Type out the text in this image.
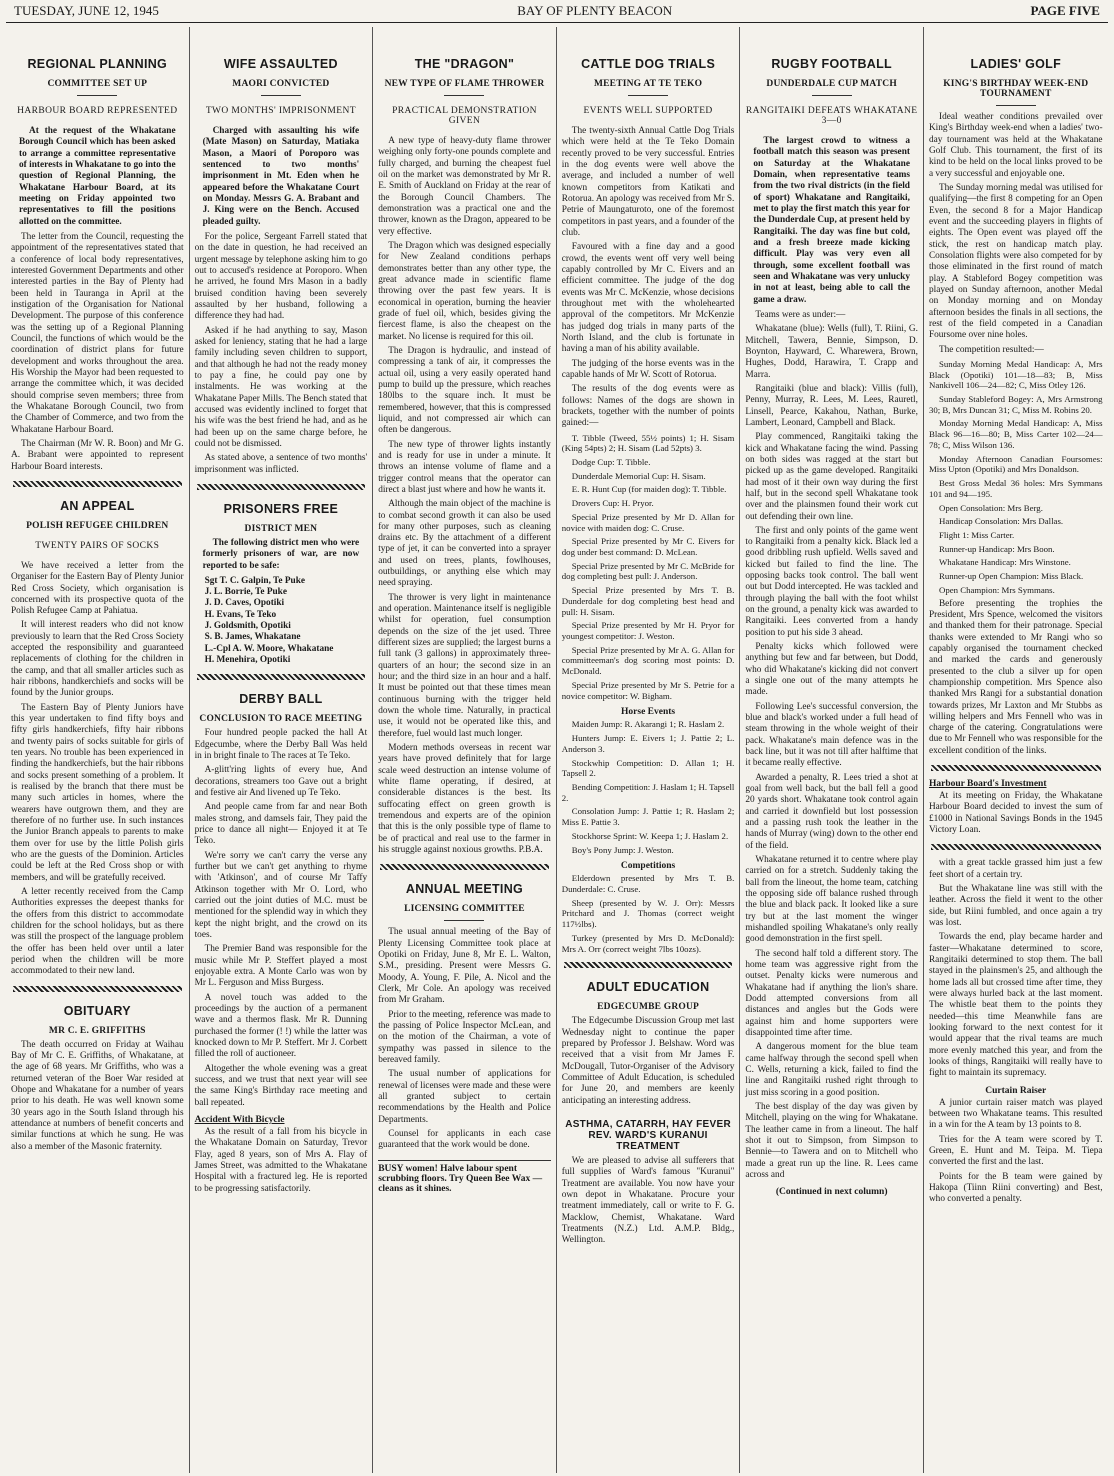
TUESDAY, JUNE 12, 1945	BAY OF PLENTY BEACON	PAGE FIVE
REGIONAL PLANNING
COMMITTEE SET UP
HARBOUR BOARD REPRESENTED

At the request of the Whakatane Borough Council which has been asked to arrange a committee representative of interests in Whakatane to go into the question of Regional Planning, the Whakatane Harbour Board, at its meeting on Friday appointed two representatives to fill the positions allotted on the committee.

The letter from the Council, requesting the appointment of the representatives stated that a conference of local body representatives, interested Government Departments and other interested parties in the Bay of Plenty had been held in Tauranga in April at the instigation of the Organisation for National Development. The purpose of this conference was the setting up of a Regional Planning Council, the functions of which would be the coordination of district plans for future development and works throughout the area. His Worship the Mayor had been requested to arrange the committee which, it was decided should comprise seven members; three from the Whakatane Borough Council, two from the Chamber of Commerce, and two from the Whakatane Harbour Board.

The Chairman (Mr W. R. Boon) and Mr G. A. Brabant were appointed to represent Harbour Board interests.

AN APPEAL
POLISH REFUGEE CHILDREN
TWENTY PAIRS OF SOCKS

We have received a letter from the Organiser for the Eastern Bay of Plenty Junior Red Cross Society, which organisation is concerned with its prospective quota of the Polish Refugee Camp at Pahiatua.

It will interest readers who did not know previously to learn that the Red Cross Society accepted the responsibility and guaranteed replacements of clothing for the children in the camp, and that all smaller articles such as hair ribbons, handkerchiefs and socks will be found by the Junior groups.

The Eastern Bay of Plenty Juniors have this year undertaken to find fifty boys and fifty girls handkerchiefs, fifty hair ribbons and twenty pairs of socks suitable for girls of ten years. No trouble has been experienced in finding the handkerchiefs, but the hair ribbons and socks present something of a problem. It is realised by the branch that there must be many such articles in homes, where the wearers have outgrown them, and they are therefore of no further use. In such instances the Junior Branch appeals to parents to make them over for use by the little Polish girls who are the guests of the Dominion. Articles could be left at the Red Cross shop or with members, and will be gratefully received.

A letter recently received from the Camp Authorities expresses the deepest thanks for the offers from this district to accommodate children for the school holidays, but as there was still the prospect of the language problem the offer has been held over until a later period when the children will be more accommodated to their new land.

OBITUARY
MR C. E. GRIFFITHS

The death occurred on Friday at Waihau Bay of Mr C. E. Griffiths, of Whakatane, at the age of 68 years. Mr Griffiths, who was a returned veteran of the Boer War resided at Ohope and Whakatane for a number of years prior to his death. He was well known some 30 years ago in the South Island through his attendance at numbers of benefit concerts and similar functions at which he sung. He was also a member of the Masonic fraternity.

WIFE ASSAULTED
MAORI CONVICTED
TWO MONTHS' IMPRISONMENT

Charged with assaulting his wife (Mate Mason) on Saturday, Matiaka Mason, a Maori of Poroporo was sentenced to two months' imprisonment in Mt. Eden when he appeared before the Whakatane Court on Monday. Messrs G. A. Brabant and J. King were on the Bench. Accused pleaded guilty.

For the police, Sergeant Farrell stated that on the date in question, he had received an urgent message by telephone asking him to go out to accused's residence at Poroporo. When he arrived, he found Mrs Mason in a badly bruised condition having been severely assaulted by her husband, following a difference they had had.

Asked if he had anything to say, Mason asked for leniency, stating that he had a large family including seven children to support, and that although he had not the ready money to pay a fine, he could pay one by instalments. He was working at the Whakatane Paper Mills. The Bench stated that accused was evidently inclined to forget that his wife was the best friend he had, and as he had been up on the same charge before, he could not be dismissed.

As stated above, a sentence of two months' imprisonment was inflicted.

PRISONERS FREE
DISTRICT MEN

The following district men who were formerly prisoners of war, are now reported to be safe:

Sgt T. C. Galpin, Te Puke
J. L. Borrie, Te Puke
J. D. Caves, Opotiki
H. Evans, Te Teko
J. Goldsmith, Opotiki
S. B. James, Whakatane
L.-Cpl A. W. Moore, Whakatane
H. Menehira, Opotiki
DERBY BALL
CONCLUSION TO RACE MEETING

Four hundred people packed the hall At Edgecumbe, where the Derby Ball Was held in in bright finale to The races at Te Teko.

A-glitt'ring lights of every hue, And decorations, streamers too Gave out a bright and festive air And livened up Te Teko.

And people came from far and near Both males strong, and damsels fair, They paid the price to dance all night— Enjoyed it at Te Teko.

We're sorry we can't carry the verse any further but we can't get anything to rhyme with 'Atkinson', and of course Mr Taffy Atkinson together with Mr O. Lord, who carried out the joint duties of M.C. must be mentioned for the splendid way in which they kept the night bright, and the crowd on its toes.

The Premier Band was responsible for the music while Mr P. Steffert played a most enjoyable extra. A Monte Carlo was won by Mr L. Ferguson and Miss Burgess.

A novel touch was added to the proceedings by the auction of a permanent wave and a thermos flask. Mr R. Dunning purchased the former (! !) while the latter was knocked down to Mr P. Steffert. Mr J. Corbett filled the roll of auctioneer.

Altogether the whole evening was a great success, and we trust that next year will see the same King's Birthday race meeting and ball repeated.

Accident With Bicycle

As the result of a fall from his bicycle in the Whakatane Domain on Saturday, Trevor Flay, aged 8 years, son of Mrs A. Flay of James Street, was admitted to the Whakatane Hospital with a fractured leg. He is reported to be progressing satisfactorily.

THE "DRAGON"
NEW TYPE OF FLAME THROWER
PRACTICAL DEMONSTRATION GIVEN

A new type of heavy-duty flame thrower weighing only forty-one pounds complete and fully charged, and burning the cheapest fuel oil on the market was demonstrated by Mr R. E. Smith of Auckland on Friday at the rear of the Borough Council Chambers. The demonstration was a practical one and the thrower, known as the Dragon, appeared to be very effective.

The Dragon which was designed especially for New Zealand conditions perhaps demonstrates better than any other type, the great advance made in scientific flame throwing over the past few years. It is economical in operation, burning the heavier grade of fuel oil, which, besides giving the fiercest flame, is also the cheapest on the market. No license is required for this oil.

The Dragon is hydraulic, and instead of compressing a tank of air, it compresses the actual oil, using a very easily operated hand pump to build up the pressure, which reaches 180lbs to the square inch. It must be remembered, however, that this is compressed liquid, and not compressed air which can often be dangerous.

The new type of thrower lights instantly and is ready for use in under a minute. It throws an intense volume of flame and a trigger control means that the operator can direct a blast just where and how he wants it.

Although the main object of the machine is to combat second growth it can also be used for many other purposes, such as cleaning drains etc. By the attachment of a different type of jet, it can be converted into a sprayer and used on trees, plants, fowlhouses, outbuildings, or anything else which may need spraying.

The thrower is very light in maintenance and operation. Maintenance itself is negligible whilst for operation, fuel consumption depends on the size of the jet used. Three different sizes are supplied; the largest burns a full tank (3 gallons) in approximately three-quarters of an hour; the second size in an hour; and the third size in an hour and a half. It must be pointed out that these times mean continuous burning with the trigger held down the whole time. Naturally, in practical use, it would not be operated like this, and therefore, fuel would last much longer.

Modern methods overseas in recent war years have proved definitely that for large scale weed destruction an intense volume of white flame operating, if desired, at considerable distances is the best. Its suffocating effect on green growth is tremendous and experts are of the opinion that this is the only possible type of flame to be of practical and real use to the farmer in his struggle against noxious growths. P.B.A.

ANNUAL MEETING
LICENSING COMMITTEE

The usual annual meeting of the Bay of Plenty Licensing Committee took place at Opotiki on Friday, June 8, Mr E. L. Walton, S.M., presiding. Present were Messrs G. Moody, A. Young, F. Pile, A. Nicol and the Clerk, Mr Cole. An apology was received from Mr Graham.

Prior to the meeting, reference was made to the passing of Police Inspector McLean, and on the motion of the Chairman, a vote of sympathy was passed in silence to the bereaved family.

The usual number of applications for renewal of licenses were made and these were all granted subject to certain recommendations by the Health and Police Departments.

Counsel for applicants in each case guaranteed that the work would be done.

BUSY women! Halve labour spent scrubbing floors. Try Queen Bee Wax —cleans as it shines.
CATTLE DOG TRIALS
MEETING AT TE TEKO
EVENTS WELL SUPPORTED

The twenty-sixth Annual Cattle Dog Trials which were held at the Te Teko Domain recently proved to be very successful. Entries in the dog events were well above the average, and included a number of well known competitors from Katikati and Rotorua. An apology was received from Mr S. Petrie of Maungaturoto, one of the foremost competitors in past years, and a founder of the club.

Favoured with a fine day and a good crowd, the events went off very well being capably controlled by Mr C. Eivers and an efficient committee. The judge of the dog events was Mr C. McKenzie, whose decisions throughout met with the wholehearted approval of the competitors. Mr McKenzie has judged dog trials in many parts of the North Island, and the club is fortunate in having a man of his ability available.

The judging of the horse events was in the capable hands of Mr W. Scott of Rotorua.

The results of the dog events were as follows: Names of the dogs are shown in brackets, together with the number of points gained:—

T. Tibble (Tweed, 55½ points) 1; H. Sisam (King 54pts) 2; H. Sisam (Lad 52pts) 3.

Dodge Cup: T. Tibble.

Dunderdale Memorial Cup: H. Sisam.

E. R. Hunt Cup (for maiden dog): T. Tibble.

Drovers Cup: H. Pryor.

Special Prize presented by Mr D. Allan for novice with maiden dog: C. Cruse.

Special Prize presented by Mr C. Eivers for dog under best command: D. McLean.

Special Prize presented by Mr C. McBride for dog completing best pull: J. Anderson.

Special Prize presented by Mrs T. B. Dunderdale for dog completing best head and pull: H. Sisam.

Special Prize presented by Mr H. Pryor for youngest competitor: J. Weston.

Special Prize presented by Mr A. G. Allan for committeeman's dog scoring most points: D. McDonald.

Special Prize presented by Mr S. Petrie for a novice competitor: W. Bigham.

Horse Events

Maiden Jump: R. Akarangi 1; R. Haslam 2.

Hunters Jump: E. Eivers 1; J. Pattie 2; L. Anderson 3.

Stockwhip Competition: D. Allan 1; H. Tapsell 2.

Bending Competition: J. Haslam 1; H. Tapsell 2.

Consolation Jump: J. Pattie 1; R. Haslam 2; Miss E. Pattie 3.

Stockhorse Sprint: W. Keepa 1; J. Haslam 2.

Boy's Pony Jump: J. Weston.

Competitions

Elderdown presented by Mrs T. B. Dunderdale: C. Cruse.

Sheep (presented by W. J. Orr): Messrs Pritchard and J. Thomas (correct weight 117½lbs).

Turkey (presented by Mrs D. McDonald): Mrs A. Orr (correct weight 7lbs 10ozs).

ADULT EDUCATION
EDGECUMBE GROUP

The Edgecumbe Discussion Group met last Wednesday night to continue the paper prepared by Professor J. Belshaw. Word was received that a visit from Mr James F. McDougall, Tutor-Organiser of the Advisory Committee of Adult Education, is scheduled for June 20, and members are keenly anticipating an interesting address.

ASTHMA, CATARRH, HAY FEVER REV. WARD'S KURANUI TREATMENT

We are pleased to advise all sufferers that full supplies of Ward's famous "Kuranui" Treatment are available. You now have your own depot in Whakatane. Procure your treatment immediately, call or write to F. G. Macklow, Chemist, Whakatane. Ward Treatments (N.Z.) Ltd. A.M.P. Bldg., Wellington.

RUGBY FOOTBALL
DUNDERDALE CUP MATCH
RANGITAIKI DEFEATS WHAKATANE 3—0

The largest crowd to witness a football match this season was present on Saturday at the Whakatane Domain, when representative teams from the two rival districts (in the field of sport) Whakatane and Rangitaiki, met to play the first match this year for the Dunderdale Cup, at present held by Rangitaiki. The day was fine but cold, and a fresh breeze made kicking difficult. Play was very even all through, some excellent football was seen and Whakatane was very unlucky in not at least, being able to call the game a draw.

Teams were as under:—

Whakatane (blue): Wells (full), T. Riini, G. Mitchell, Tawera, Bennie, Simpson, D. Boynton, Hayward, C. Wharewera, Brown, Hughes, Dodd, Harawira, T. Crapp and Marra.

Rangitaiki (blue and black): Villis (full), Penny, Murray, R. Lees, M. Lees, Rauretl, Linsell, Pearce, Kakahou, Nathan, Burke, Lambert, Leonard, Campbell and Black.

Play commenced, Rangitaiki taking the kick and Whakatane facing the wind. Passing on both sides was ragged at the start but picked up as the game developed. Rangitaiki had most of it their own way during the first half, but in the second spell Whakatane took over and the plainsmen found their work cut out defending their own line.

The first and only points of the game went to Rangitaiki from a penalty kick. Black led a good dribbling rush upfield. Wells saved and kicked but failed to find the line. The opposing backs took control. The ball went out but Dodd intercepted. He was tackled and through playing the ball with the foot whilst on the ground, a penalty kick was awarded to Rangitaiki. Lees converted from a handy position to put his side 3 ahead.

Penalty kicks which followed were anything but few and far between, but Dodd, who did Whakatane's kicking did not convert a single one out of the many attempts he made.

Following Lee's successful conversion, the blue and black's worked under a full head of steam throwing in the whole weight of their pack. Whakatane's main defence was in the back line, but it was not till after halftime that it became really effective.

Awarded a penalty, R. Lees tried a shot at goal from well back, but the ball fell a good 20 yards short. Whakatane took control again and carried it downfield but lost possession and a passing rush took the leather in the hands of Murray (wing) down to the other end of the field.

Whakatane returned it to centre where play carried on for a stretch. Suddenly taking the ball from the lineout, the home team, catching the opposing side off balance rushed through the blue and black pack. It looked like a sure try but at the last moment the winger mishandled spoiling Whakatane's only really good demonstration in the first spell.

The second half told a different story. The home team was aggressive right from the outset. Penalty kicks were numerous and Whakatane had if anything the lion's share. Dodd attempted conversions from all distances and angles but the Gods were against him and home supporters were disappointed time after time.

A dangerous moment for the blue team came halfway through the second spell when C. Wells, returning a kick, failed to find the line and Rangitaiki rushed right through to just miss scoring in a good position.

The best display of the day was given by Mitchell, playing on the wing for Whakatane. The leather came in from a lineout. The half shot it out to Simpson, from Simpson to Bennie—to Tawera and on to Mitchell who made a great run up the line. R. Lees came across and

(Continued in next column)
LADIES' GOLF
KING'S BIRTHDAY WEEK-END TOURNAMENT

Ideal weather conditions prevailed over King's Birthday week-end when a ladies' two-day tournament was held at the Whakatane Golf Club. This tournament, the first of its kind to be held on the local links proved to be a very successful and enjoyable one.

The Sunday morning medal was utilised for qualifying—the first 8 competing for an Open Even, the second 8 for a Major Handicap event and the succeeding players in flights of eights. The Open event was played off the stick, the rest on handicap match play. Consolation flights were also competed for by those eliminated in the first round of match play. A Stableford Bogey competition was played on Sunday afternoon, another Medal on Monday morning and on Monday afternoon besides the finals in all sections, the rest of the field competed in a Canadian Foursome over nine holes.

The competition resulted:—

Sunday Morning Medal Handicap: A, Mrs Black (Opotiki) 101—18—83; B, Miss Nankivell 106—24—82; C, Miss Otley 126.

Sunday Stableford Bogey: A, Mrs Armstrong 30; B, Mrs Duncan 31; C, Miss M. Robins 20.

Monday Morning Medal Handicap: A, Miss Black 96—16—80; B, Miss Carter 102—24—78; C, Miss Wilson 136.

Monday Afternoon Canadian Foursomes: Miss Upton (Opotiki) and Mrs Donaldson.

Best Gross Medal 36 holes: Mrs Symmans 101 and 94—195.

Open Consolation: Mrs Berg.

Handicap Consolation: Mrs Dallas.

Flight 1: Miss Carter.

Runner-up Handicap: Mrs Boon.

Whakatane Handicap: Mrs Winstone.

Runner-up Open Champion: Miss Black.

Open Champion: Mrs Symmans.

Before presenting the trophies the President, Mrs Spence, welcomed the visitors and thanked them for their patronage. Special thanks were extended to Mr Rangi who so capably organised the tournament checked and marked the cards and generously presented to the club a silver up for open championship competition. Mrs Spence also thanked Mrs Rangi for a substantial donation towards prizes, Mr Laxton and Mr Stubbs as willing helpers and Mrs Fennell who was in charge of the catering. Congratulations were due to Mr Fennell who was responsible for the excellent condition of the links.

Harbour Board's Investment

At its meeting on Friday, the Whakatane Harbour Board decided to invest the sum of £1000 in National Savings Bonds in the 1945 Victory Loan.

with a great tackle grassed him just a few feet short of a certain try.

But the Whakatane line was still with the leather. Across the field it went to the other side, but Riini fumbled, and once again a try was lost.

Towards the end, play became harder and faster—Whakatane determined to score, Rangitaiki determined to stop them. The ball stayed in the plainsmen's 25, and although the home lads all but crossed time after time, they were always hurled back at the last moment. The whistle beat them to the points they needed—this time Meanwhile fans are looking forward to the next contest for it would appear that the rival teams are much more evenly matched this year, and from the looks of things, Rangitaiki will really have to fight to maintain its supremacy.

Curtain Raiser

A junior curtain raiser match was played between two Whakatane teams. This resulted in a win for the A team by 13 points to 8.

Tries for the A team were scored by T. Green, E. Hunt and M. Teipa. M. Tiepa converted the first and the last.

Points for the B team were gained by Hakopa (Tiinn Riini converting) and Best, who converted a penalty.
